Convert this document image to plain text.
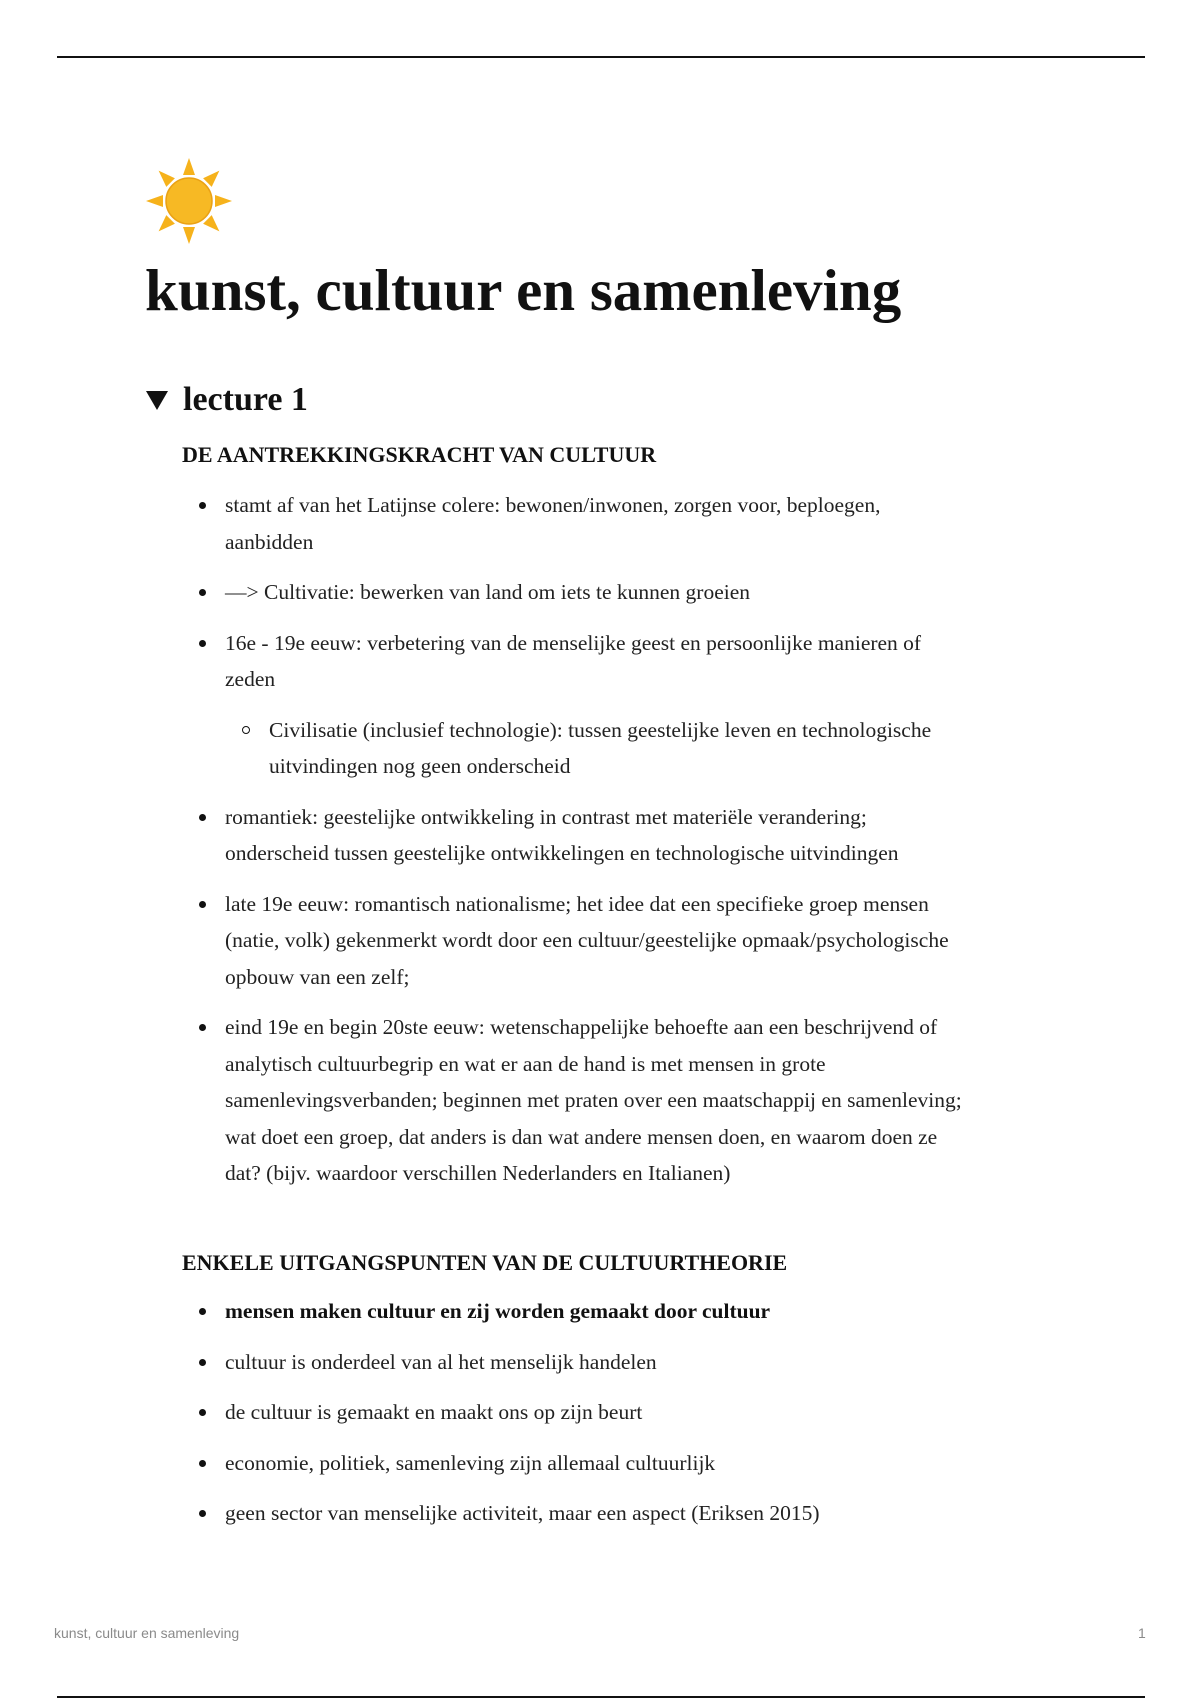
kunst, cultuur en samenleving
lecture 1
DE AANTREKKINGSKRACHT VAN CULTUUR
stamt af van het Latijnse colere: bewonen/inwonen, zorgen voor, beploegen,
aanbidden
—> Cultivatie: bewerken van land om iets te kunnen groeien
16e - 19e eeuw: verbetering van de menselijke geest en persoonlijke manieren of
zeden
Civilisatie (inclusief technologie): tussen geestelijke leven en technologische
uitvindingen nog geen onderscheid
romantiek: geestelijke ontwikkeling in contrast met materiële verandering;
onderscheid tussen geestelijke ontwikkelingen en technologische uitvindingen
late 19e eeuw: romantisch nationalisme; het idee dat een specifieke groep mensen
(natie, volk) gekenmerkt wordt door een cultuur/geestelijke opmaak/psychologische
opbouw van een zelf;
eind 19e en begin 20ste eeuw: wetenschappelijke behoefte aan een beschrijvend of
analytisch cultuurbegrip en wat er aan de hand is met mensen in grote
samenlevingsverbanden; beginnen met praten over een maatschappij en samenleving;
wat doet een groep, dat anders is dan wat andere mensen doen, en waarom doen ze
dat? (bijv. waardoor verschillen Nederlanders en Italianen)
ENKELE UITGANGSPUNTEN VAN DE CULTUURTHEORIE
mensen maken cultuur en zij worden gemaakt door cultuur
cultuur is onderdeel van al het menselijk handelen
de cultuur is gemaakt en maakt ons op zijn beurt
economie, politiek, samenleving zijn allemaal cultuurlijk
geen sector van menselijke activiteit, maar een aspect (Eriksen 2015)
kunst, cultuur en samenleving	1
